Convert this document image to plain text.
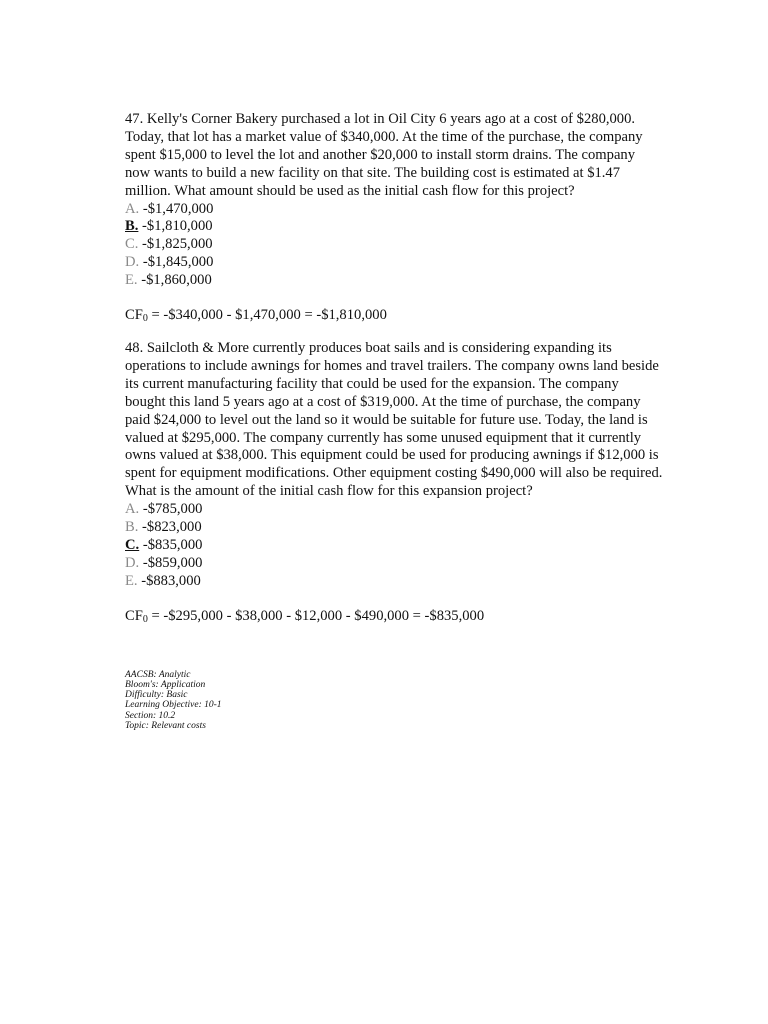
47. Kelly's Corner Bakery purchased a lot in Oil City 6 years ago at a cost of $280,000.
Today, that lot has a market value of $340,000. At the time of the purchase, the company
spent $15,000 to level the lot and another $20,000 to install storm drains. The company
now wants to build a new facility on that site. The building cost is estimated at $1.47
million. What amount should be used as the initial cash flow for this project?
A. -$1,470,000
B. -$1,810,000
C. -$1,825,000
D. -$1,845,000
E. -$1,860,000
$CF_0$ = -$340,000 - $1,470,000 = -$1,810,000
48. Sailcloth & More currently produces boat sails and is considering expanding its
operations to include awnings for homes and travel trailers. The company owns land beside
its current manufacturing facility that could be used for the expansion. The company
bought this land 5 years ago at a cost of $319,000. At the time of purchase, the company
paid $24,000 to level out the land so it would be suitable for future use. Today, the land is
valued at $295,000. The company currently has some unused equipment that it currently
owns valued at $38,000. This equipment could be used for producing awnings if $12,000 is
spent for equipment modifications. Other equipment costing $490,000 will also be required.
What is the amount of the initial cash flow for this expansion project?
A. -$785,000
B. -$823,000
C. -$835,000
D. -$859,000
E. -$883,000
$CF_0$ = -$295,000 - $38,000 - $12,000 - $490,000 = -$835,000
AACSB: Analytic
Bloom's: Application
Difficulty: Basic
Learning Objective: 10-1
Section: 10.2
Topic: Relevant costs
